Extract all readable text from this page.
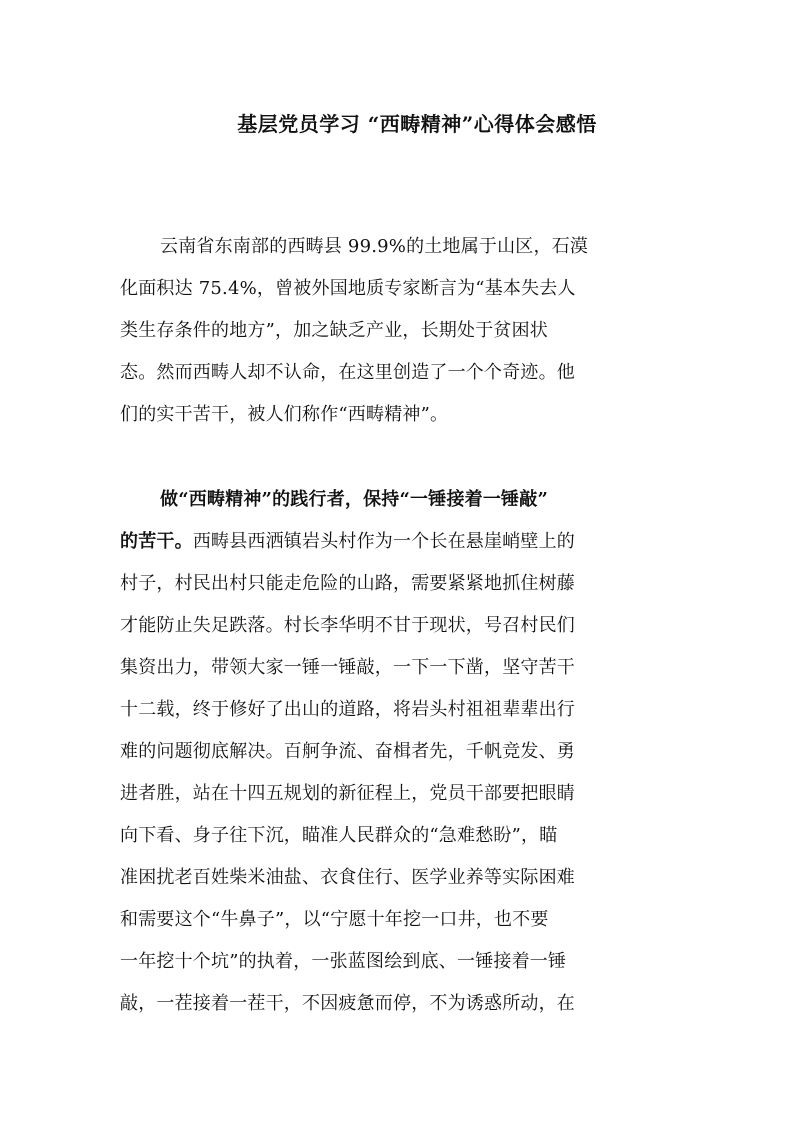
基层党员学习 “西畴精神”心得体会感悟
云南省东南部的西畴县 99.9%的土地属于山区，石漠
化面积达 75.4%，曾被外国地质专家断言为“基本失去人
类生存条件的地方”，加之缺乏产业，长期处于贫困状
态。然而西畴人却不认命，在这里创造了一个个奇迹。他
们的实干苦干，被人们称作“西畴精神”。
做“西畴精神”的践行者，保持“一锤接着一锤敲”
的苦干。西畴县西洒镇岩头村作为一个长在悬崖峭壁上的
村子，村民出村只能走危险的山路，需要紧紧地抓住树藤
才能防止失足跌落。村长李华明不甘于现状，号召村民们
集资出力，带领大家一锤一锤敲，一下一下凿，坚守苦干
十二载，终于修好了出山的道路，将岩头村祖祖辈辈出行
难的问题彻底解决。百舸争流、奋楫者先，千帆竞发、勇
进者胜，站在十四五规划的新征程上，党员干部要把眼睛
向下看、身子往下沉，瞄准人民群众的“急难愁盼”，瞄
准困扰老百姓柴米油盐、衣食住行、医学业养等实际困难
和需要这个“牛鼻子”，以“宁愿十年挖一口井，也不要
一年挖十个坑”的执着，一张蓝图绘到底、一锤接着一锤
敲，一茬接着一茬干，不因疲惫而停，不为诱惑所动，在
